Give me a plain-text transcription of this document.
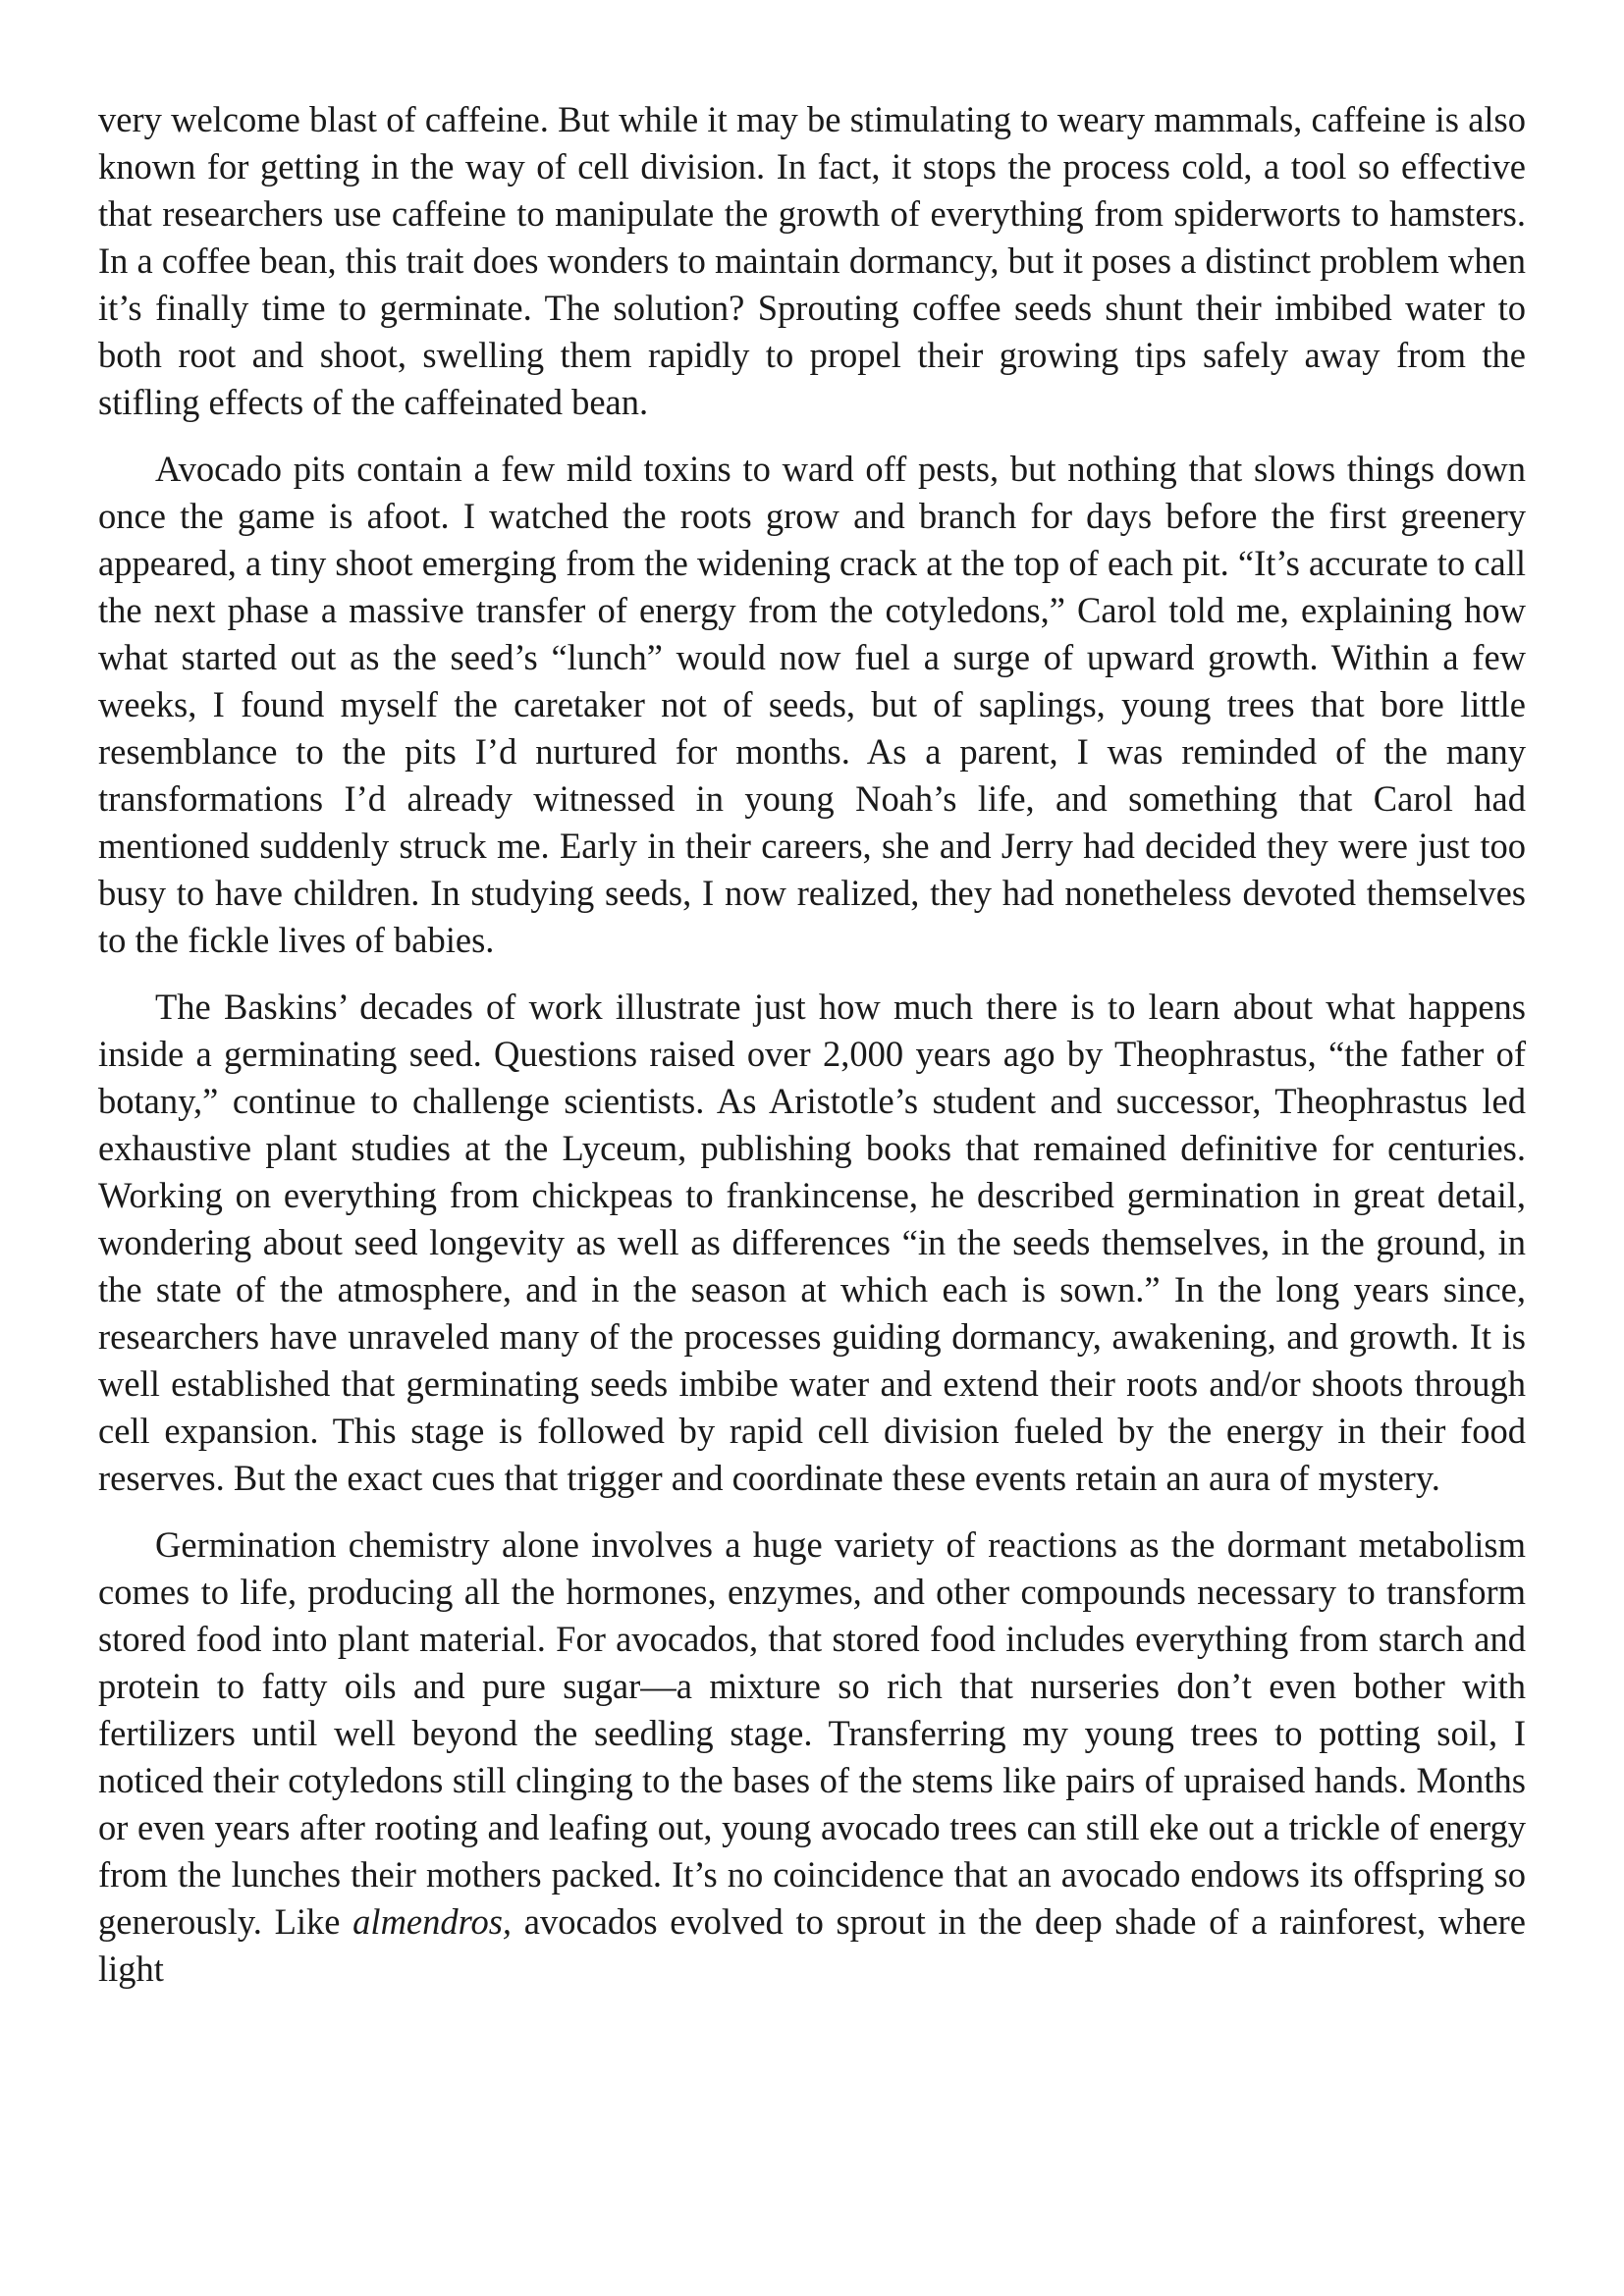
very welcome blast of caffeine. But while it may be stimulating to weary mammals, caffeine is also known for getting in the way of cell division. In fact, it stops the process cold, a tool so effective that researchers use caffeine to manipulate the growth of everything from spiderworts to hamsters. In a coffee bean, this trait does wonders to maintain dormancy, but it poses a distinct problem when it’s finally time to germinate. The solution? Sprouting coffee seeds shunt their imbibed water to both root and shoot, swelling them rapidly to propel their growing tips safely away from the stifling effects of the caffeinated bean.

Avocado pits contain a few mild toxins to ward off pests, but nothing that slows things down once the game is afoot. I watched the roots grow and branch for days before the first greenery appeared, a tiny shoot emerging from the widening crack at the top of each pit. “It’s accurate to call the next phase a massive transfer of energy from the cotyledons,” Carol told me, explaining how what started out as the seed’s “lunch” would now fuel a surge of upward growth. Within a few weeks, I found myself the caretaker not of seeds, but of saplings, young trees that bore little resemblance to the pits I’d nurtured for months. As a parent, I was reminded of the many transformations I’d already witnessed in young Noah’s life, and something that Carol had mentioned suddenly struck me. Early in their careers, she and Jerry had decided they were just too busy to have children. In studying seeds, I now realized, they had nonetheless devoted themselves to the fickle lives of babies.

The Baskins’ decades of work illustrate just how much there is to learn about what happens inside a germinating seed. Questions raised over 2,000 years ago by Theophrastus, “the father of botany,” continue to challenge scientists. As Aristotle’s student and successor, Theophrastus led exhaustive plant studies at the Lyceum, publishing books that remained definitive for centuries. Working on everything from chickpeas to frankincense, he described germination in great detail, wondering about seed longevity as well as differences “in the seeds themselves, in the ground, in the state of the atmosphere, and in the season at which each is sown.” In the long years since, researchers have unraveled many of the processes guiding dormancy, awakening, and growth. It is well established that germinating seeds imbibe water and extend their roots and/or shoots through cell expansion. This stage is followed by rapid cell division fueled by the energy in their food reserves. But the exact cues that trigger and coordinate these events retain an aura of mystery.

Germination chemistry alone involves a huge variety of reactions as the dormant metabolism comes to life, producing all the hormones, enzymes, and other compounds necessary to transform stored food into plant material. For avocados, that stored food includes everything from starch and protein to fatty oils and pure sugar—a mixture so rich that nurseries don’t even bother with fertilizers until well beyond the seedling stage. Transferring my young trees to potting soil, I noticed their cotyledons still clinging to the bases of the stems like pairs of upraised hands. Months or even years after rooting and leafing out, young avocado trees can still eke out a trickle of energy from the lunches their mothers packed. It’s no coincidence that an avocado endows its offspring so generously. Like almendros, avocados evolved to sprout in the deep shade of a rainforest, where light
